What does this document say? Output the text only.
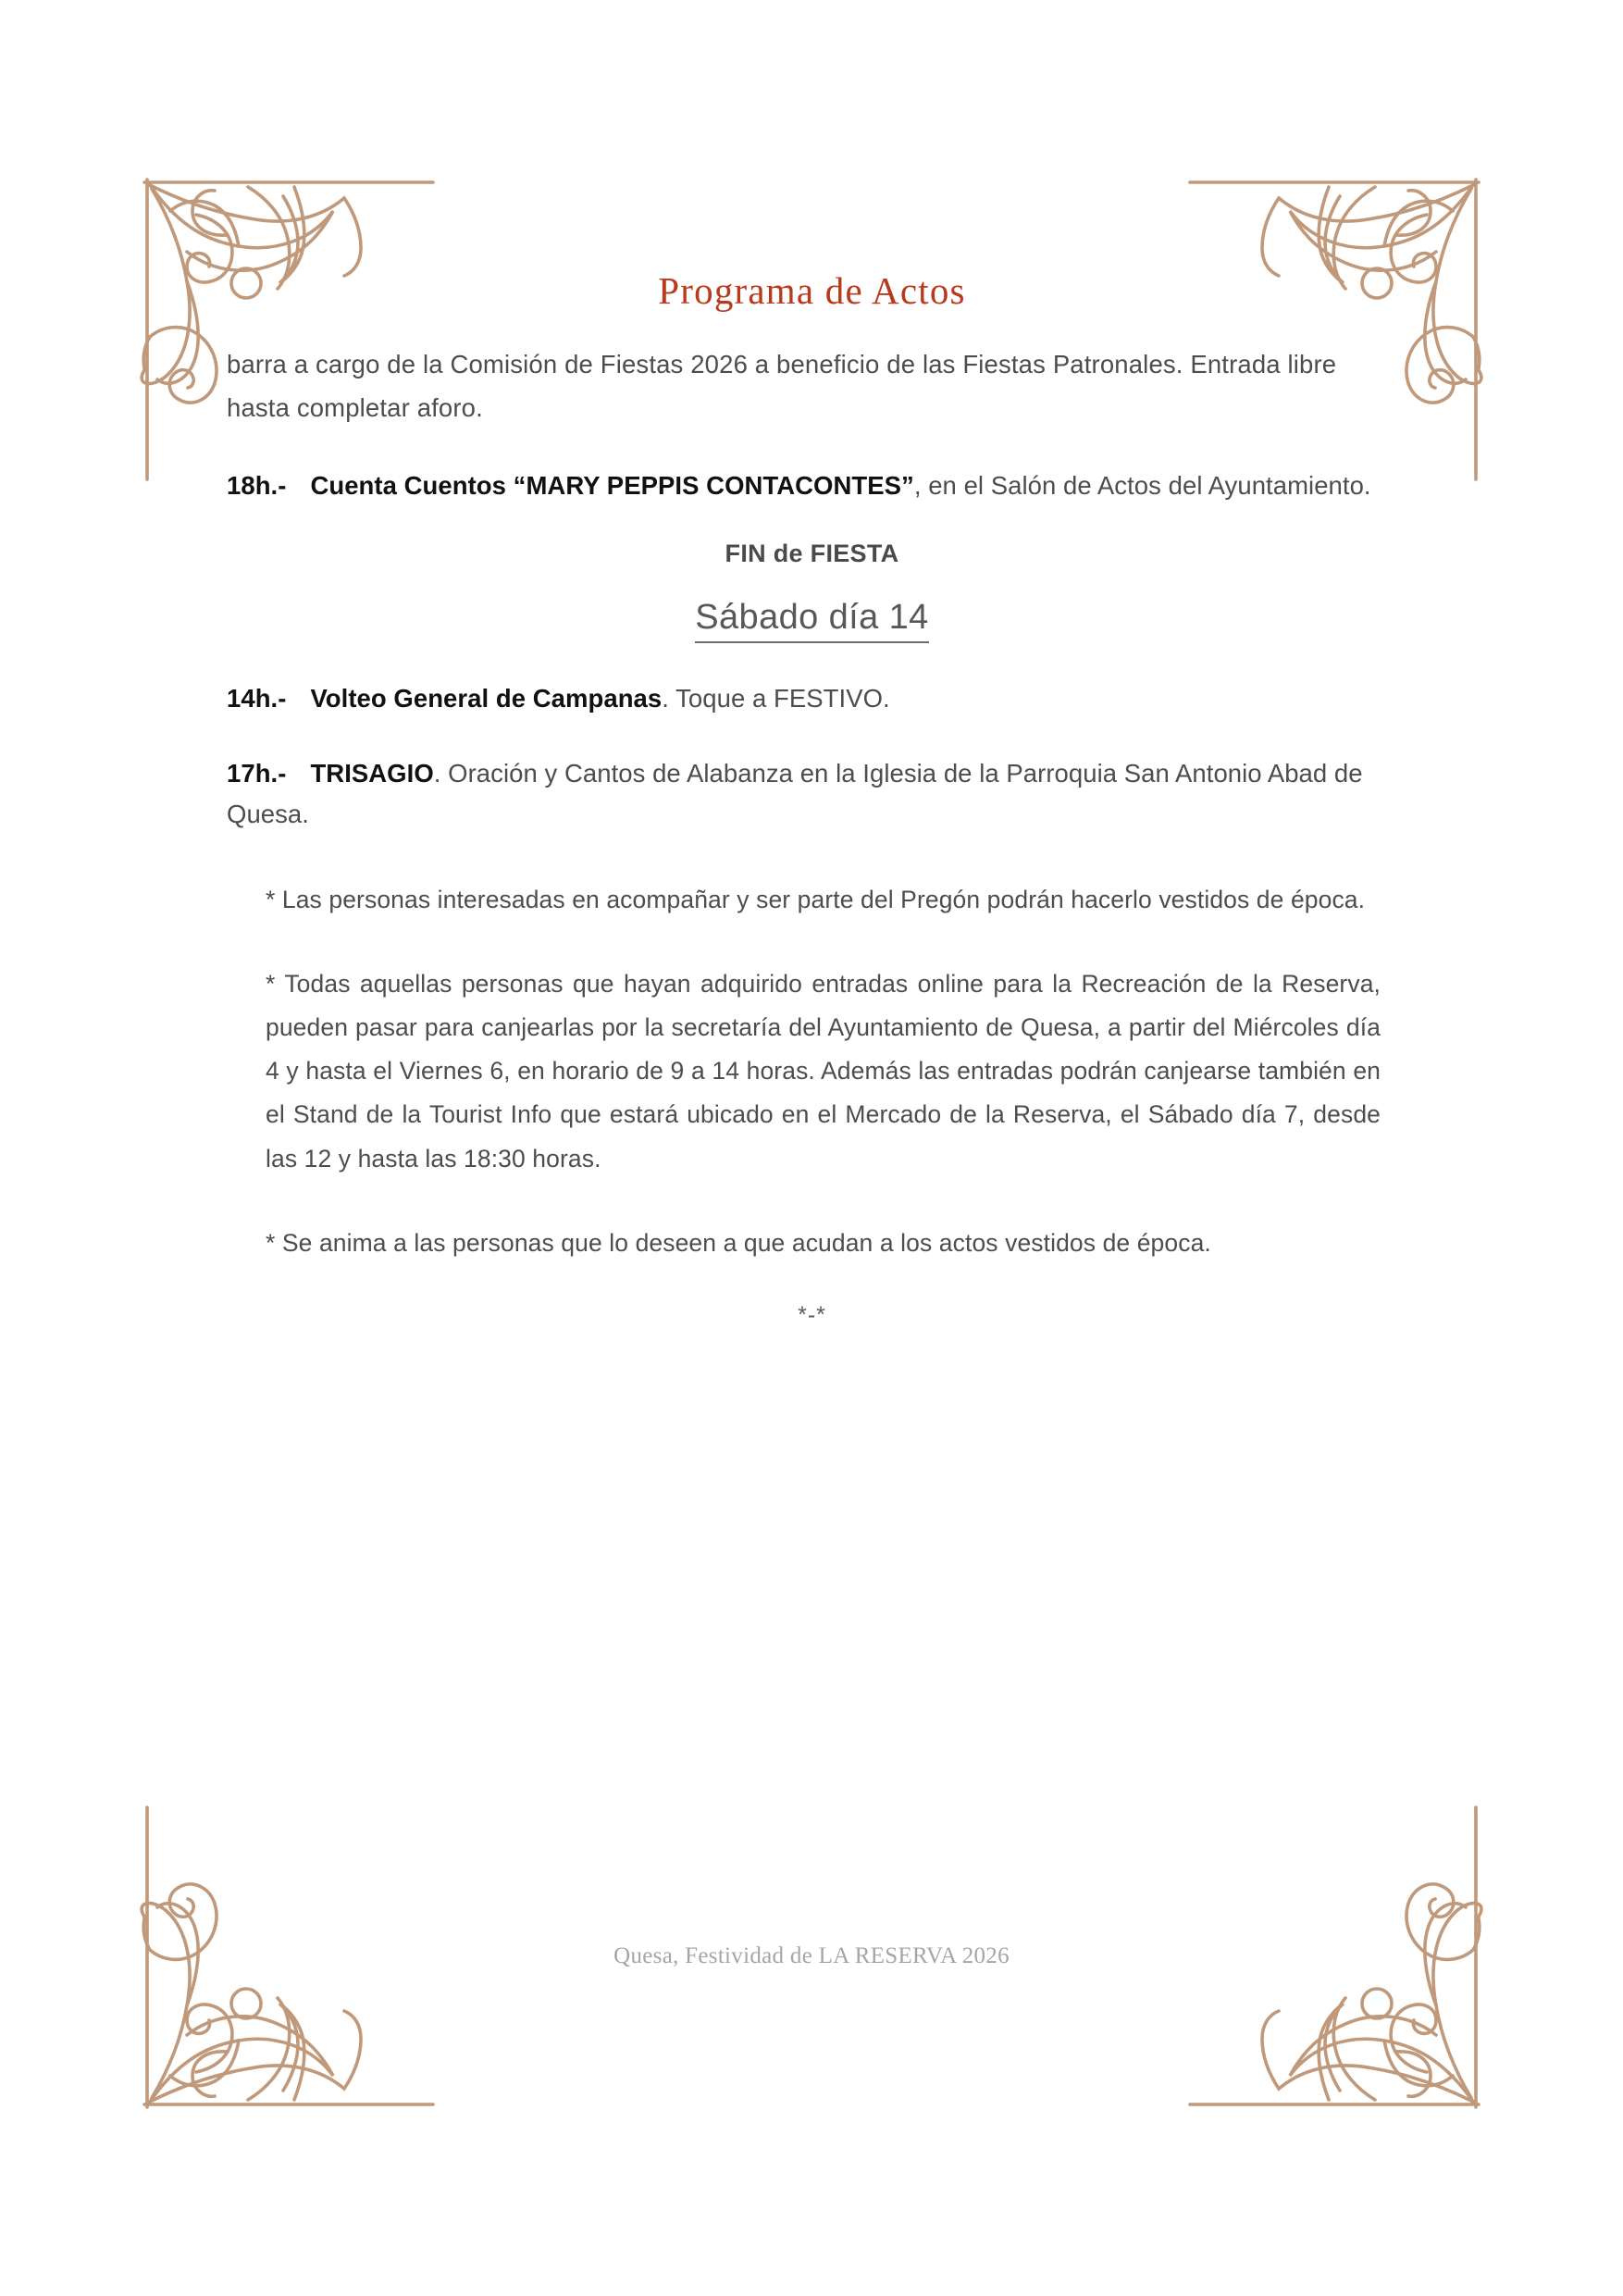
Programa de Actos

barra a cargo de la Comisión de Fiestas 2026 a beneficio de las Fiestas Patronales. Entrada libre hasta completar aforo.

18h.- Cuenta Cuentos “MARY PEPPIS CONTACONTES”, en el Salón de Actos del Ayuntamiento.

FIN de FIESTA

Sábado día 14

14h.- Volteo General de Campanas. Toque a FESTIVO.

17h.- TRISAGIO. Oración y Cantos de Alabanza en la Iglesia de la Parroquia San Antonio Abad de Quesa.

* Las personas interesadas en acompañar y ser parte del Pregón podrán hacerlo vestidos de época.

* Todas aquellas personas que hayan adquirido entradas online para la Recreación de la Reserva, pueden pasar para canjearlas por la secretaría del Ayuntamiento de Quesa, a partir del Miércoles día 4 y hasta el Viernes 6, en horario de 9 a 14 horas. Además las entradas podrán canjearse también en el Stand de la Tourist Info que estará ubicado en el Mercado de la Reserva, el Sábado día 7, desde las 12 y hasta las 18:30 horas.

* Se anima a las personas que lo deseen a que acudan a los actos vestidos de época.

*-*

Quesa, Festividad de LA RESERVA 2026
